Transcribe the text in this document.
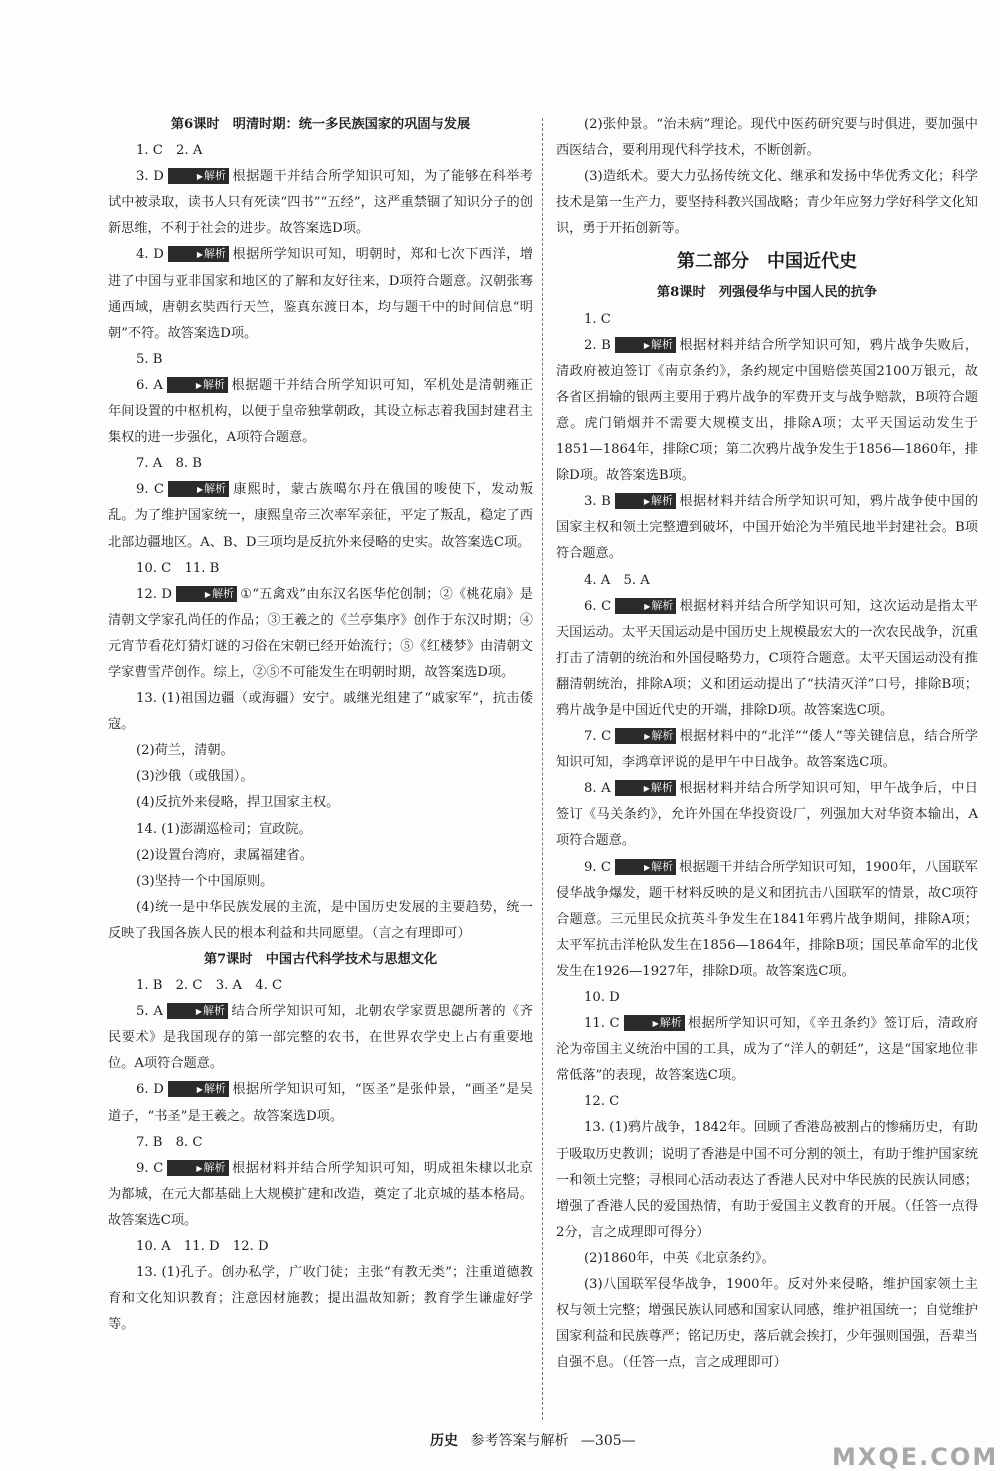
第6课时　明清时期：统一多民族国家的巩固与发展

1. C　2. A

3. D	▶解析 根据题干并结合所学知识可知，为了能够在科举考试中被录取，读书人只有死读“四书”“五经”，这严重禁锢了知识分子的创新思维，不利于社会的进步。故答案选D项。

4. D	▶解析 根据所学知识可知，明朝时，郑和七次下西洋，增进了中国与亚非国家和地区的了解和友好往来，D项符合题意。汉朝张骞通西域，唐朝玄奘西行天竺，鉴真东渡日本，均与题干中的时间信息“明朝”不符。故答案选D项。

5. B

6. A	▶解析 根据题干并结合所学知识可知，军机处是清朝雍正年间设置的中枢机构，以便于皇帝独掌朝政，其设立标志着我国封建君主集权的进一步强化，A项符合题意。

7. A　8. B

9. C	▶解析 康熙时，蒙古族噶尔丹在俄国的唆使下，发动叛乱。为了维护国家统一，康熙皇帝三次率军亲征，平定了叛乱，稳定了西北部边疆地区。A、B、D三项均是反抗外来侵略的史实。故答案选C项。

10. C　11. B

12. D	▶解析 ①“五禽戏”由东汉名医华佗创制；②《桃花扇》是清朝文学家孔尚任的作品；③王羲之的《兰亭集序》创作于东汉时期；④元宵节看花灯猜灯谜的习俗在宋朝已经开始流行；⑤《红楼梦》由清朝文学家曹雪芹创作。综上，②⑤不可能发生在明朝时期，故答案选D项。

13. (1)祖国边疆（或海疆）安宁。戚继光组建了“戚家军”，抗击倭寇。

(2)荷兰，清朝。

(3)沙俄（或俄国）。

(4)反抗外来侵略，捍卫国家主权。

14. (1)澎湖巡检司；宣政院。

(2)设置台湾府，隶属福建省。

(3)坚持一个中国原则。

(4)统一是中华民族发展的主流，是中国历史发展的主要趋势，统一反映了我国各族人民的根本利益和共同愿望。（言之有理即可）

第7课时　中国古代科学技术与思想文化

1. B　2. C　3. A　4. C

5. A	▶解析 结合所学知识可知，北朝农学家贾思勰所著的《齐民要术》是我国现存的第一部完整的农书，在世界农学史上占有重要地位。A项符合题意。

6. D	▶解析 根据所学知识可知，“医圣”是张仲景，“画圣”是吴道子，“书圣”是王羲之。故答案选D项。

7. B　8. C

9. C	▶解析 根据材料并结合所学知识可知，明成祖朱棣以北京为都城，在元大都基础上大规模扩建和改造，奠定了北京城的基本格局。故答案选C项。

10. A　11. D　12. D

13. (1)孔子。创办私学，广收门徒；主张“有教无类”；注重道德教育和文化知识教育；注意因材施教；提出温故知新；教育学生谦虚好学等。

(2)张仲景。“治未病”理论。现代中医药研究要与时俱进，要加强中西医结合，要利用现代科学技术，不断创新。

(3)造纸术。要大力弘扬传统文化、继承和发扬中华优秀文化；科学技术是第一生产力，要坚持科教兴国战略；青少年应努力学好科学文化知识，勇于开拓创新等。

第二部分　中国近代史

第8课时　列强侵华与中国人民的抗争

1. C

2. B	▶解析 根据材料并结合所学知识可知，鸦片战争失败后，清政府被迫签订《南京条约》，条约规定中国赔偿英国2100万银元，故各省区捐输的银两主要用于鸦片战争的军费开支与战争赔款，B项符合题意。虎门销烟并不需要大规模支出，排除A项；太平天国运动发生于1851—1864年，排除C项；第二次鸦片战争发生于1856—1860年，排除D项。故答案选B项。

3. B	▶解析 根据材料并结合所学知识可知，鸦片战争使中国的国家主权和领土完整遭到破坏，中国开始沦为半殖民地半封建社会。B项符合题意。

4. A　5. A

6. C	▶解析 根据材料并结合所学知识可知，这次运动是指太平天国运动。太平天国运动是中国历史上规模最宏大的一次农民战争，沉重打击了清朝的统治和外国侵略势力，C项符合题意。太平天国运动没有推翻清朝统治，排除A项；义和团运动提出了“扶清灭洋”口号，排除B项；鸦片战争是中国近代史的开端，排除D项。故答案选C项。

7. C	▶解析 根据材料中的“北洋”“倭人”等关键信息，结合所学知识可知，李鸿章评说的是甲午中日战争。故答案选C项。

8. A	▶解析 根据材料并结合所学知识可知，甲午战争后，中日签订《马关条约》，允许外国在华投资设厂，列强加大对华资本输出，A项符合题意。

9. C	▶解析 根据题干并结合所学知识可知，1900年，八国联军侵华战争爆发，题干材料反映的是义和团抗击八国联军的情景，故C项符合题意。三元里民众抗英斗争发生在1841年鸦片战争期间，排除A项；太平军抗击洋枪队发生在1856—1864年，排除B项；国民革命军的北伐发生在1926—1927年，排除D项。故答案选C项。

10. D

11. C	▶解析 根据所学知识可知，《辛丑条约》签订后，清政府沦为帝国主义统治中国的工具，成为了“洋人的朝廷”，这是“国家地位非常低落”的表现，故答案选C项。

12. C

13. (1)鸦片战争，1842年。回顾了香港岛被割占的惨痛历史，有助于吸取历史教训；说明了香港是中国不可分割的领土，有助于维护国家统一和领土完整；寻根同心活动表达了香港人民对中华民族的民族认同感；增强了香港人民的爱国热情，有助于爱国主义教育的开展。（任答一点得2分，言之成理即可得分）

(2)1860年，中英《北京条约》。

(3)八国联军侵华战争，1900年。反对外来侵略，维护国家领土主权与领土完整；增强民族认同感和国家认同感，维护祖国统一；自觉维护国家利益和民族尊严；铭记历史，落后就会挨打，少年强则国强，吾辈当自强不息。（任答一点，言之成理即可）

历史 参考答案与解析 —305—
MXQE.COM
